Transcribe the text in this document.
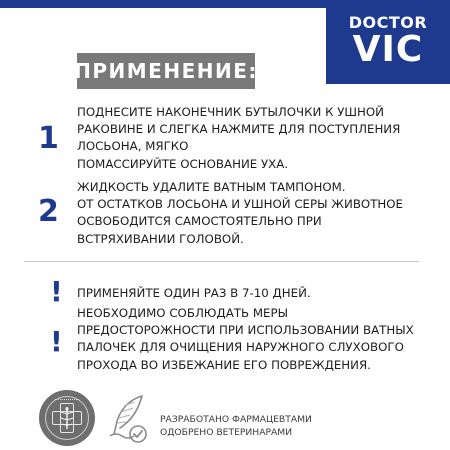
DOCTOR
VIC
ПРИМЕНЕНИЕ:
1
ПОДНЕСИТЕ НАКОНЕЧНИК БУТЫЛОЧКИ К УШНОЙ
РАКОВИНЕ И СЛЕГКА НАЖМИТЕ ДЛЯ ПОСТУПЛЕНИЯ
ЛОСЬОНА, МЯГКО
ПОМАССИРУЙТЕ ОСНОВАНИЕ УХА.
2
ЖИДКОСТЬ УДАЛИТЕ ВАТНЫМ ТАМПОНОМ.
ОТ ОСТАТКОВ ЛОСЬОНА И УШНОЙ СЕРЫ ЖИВОТНОЕ
ОСВОБОДИТСЯ САМОСТОЯТЕЛЬНО ПРИ
ВСТРЯХИВАНИИ ГОЛОВОЙ.
! ПРИМЕНЯЙТЕ ОДИН РАЗ В 7-10 ДНЕЙ.
!
НЕОБХОДИМО СОБЛЮДАТЬ МЕРЫ
ПРЕДОСТОРОЖНОСТИ ПРИ ИСПОЛЬЗОВАНИИ ВАТНЫХ
ПАЛОЧЕК ДЛЯ ОЧИЩЕНИЯ НАРУЖНОГО СЛУХОВОГО
ПРОХОДА ВО ИЗБЕЖАНИЕ ЕГО ПОВРЕЖДЕНИЯ.
РАЗРАБОТАНО ФАРМАЦЕВТАМИ
ОДОБРЕНО ВЕТЕРИНАРАМИ
